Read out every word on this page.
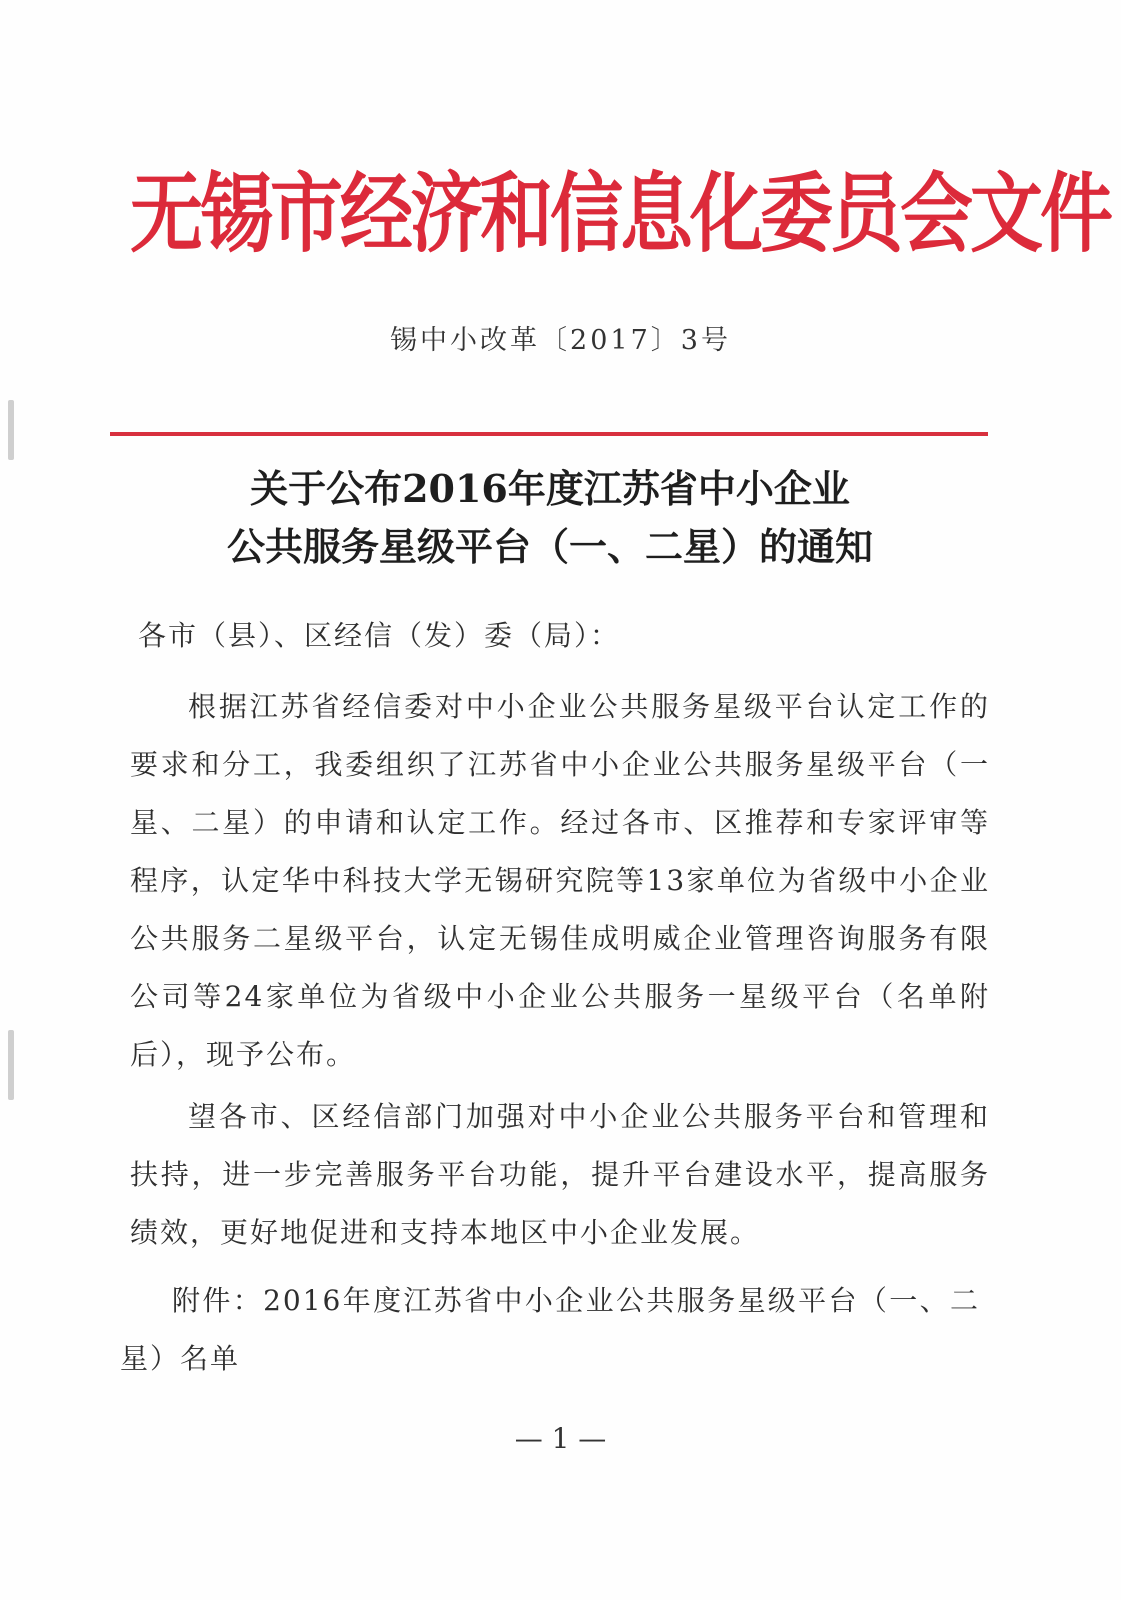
无锡市经济和信息化委员会文件
锡中小改革〔2017〕3号
关于公布2016年度江苏省中小企业
公共服务星级平台（一、二星）的通知
各市（县）、区经信（发）委（局）：
根据江苏省经信委对中小企业公共服务星级平台认定工作的要求和分工，我委组织了江苏省中小企业公共服务星级平台（一星、二星）的申请和认定工作。经过各市、区推荐和专家评审等程序，认定华中科技大学无锡研究院等13家单位为省级中小企业公共服务二星级平台，认定无锡佳成明威企业管理咨询服务有限公司等24家单位为省级中小企业公共服务一星级平台（名单附后），现予公布。
望各市、区经信部门加强对中小企业公共服务平台和管理和扶持，进一步完善服务平台功能，提升平台建设水平，提高服务绩效，更好地促进和支持本地区中小企业发展。
附件：2016年度江苏省中小企业公共服务星级平台（一、二星）名单
— 1 —
